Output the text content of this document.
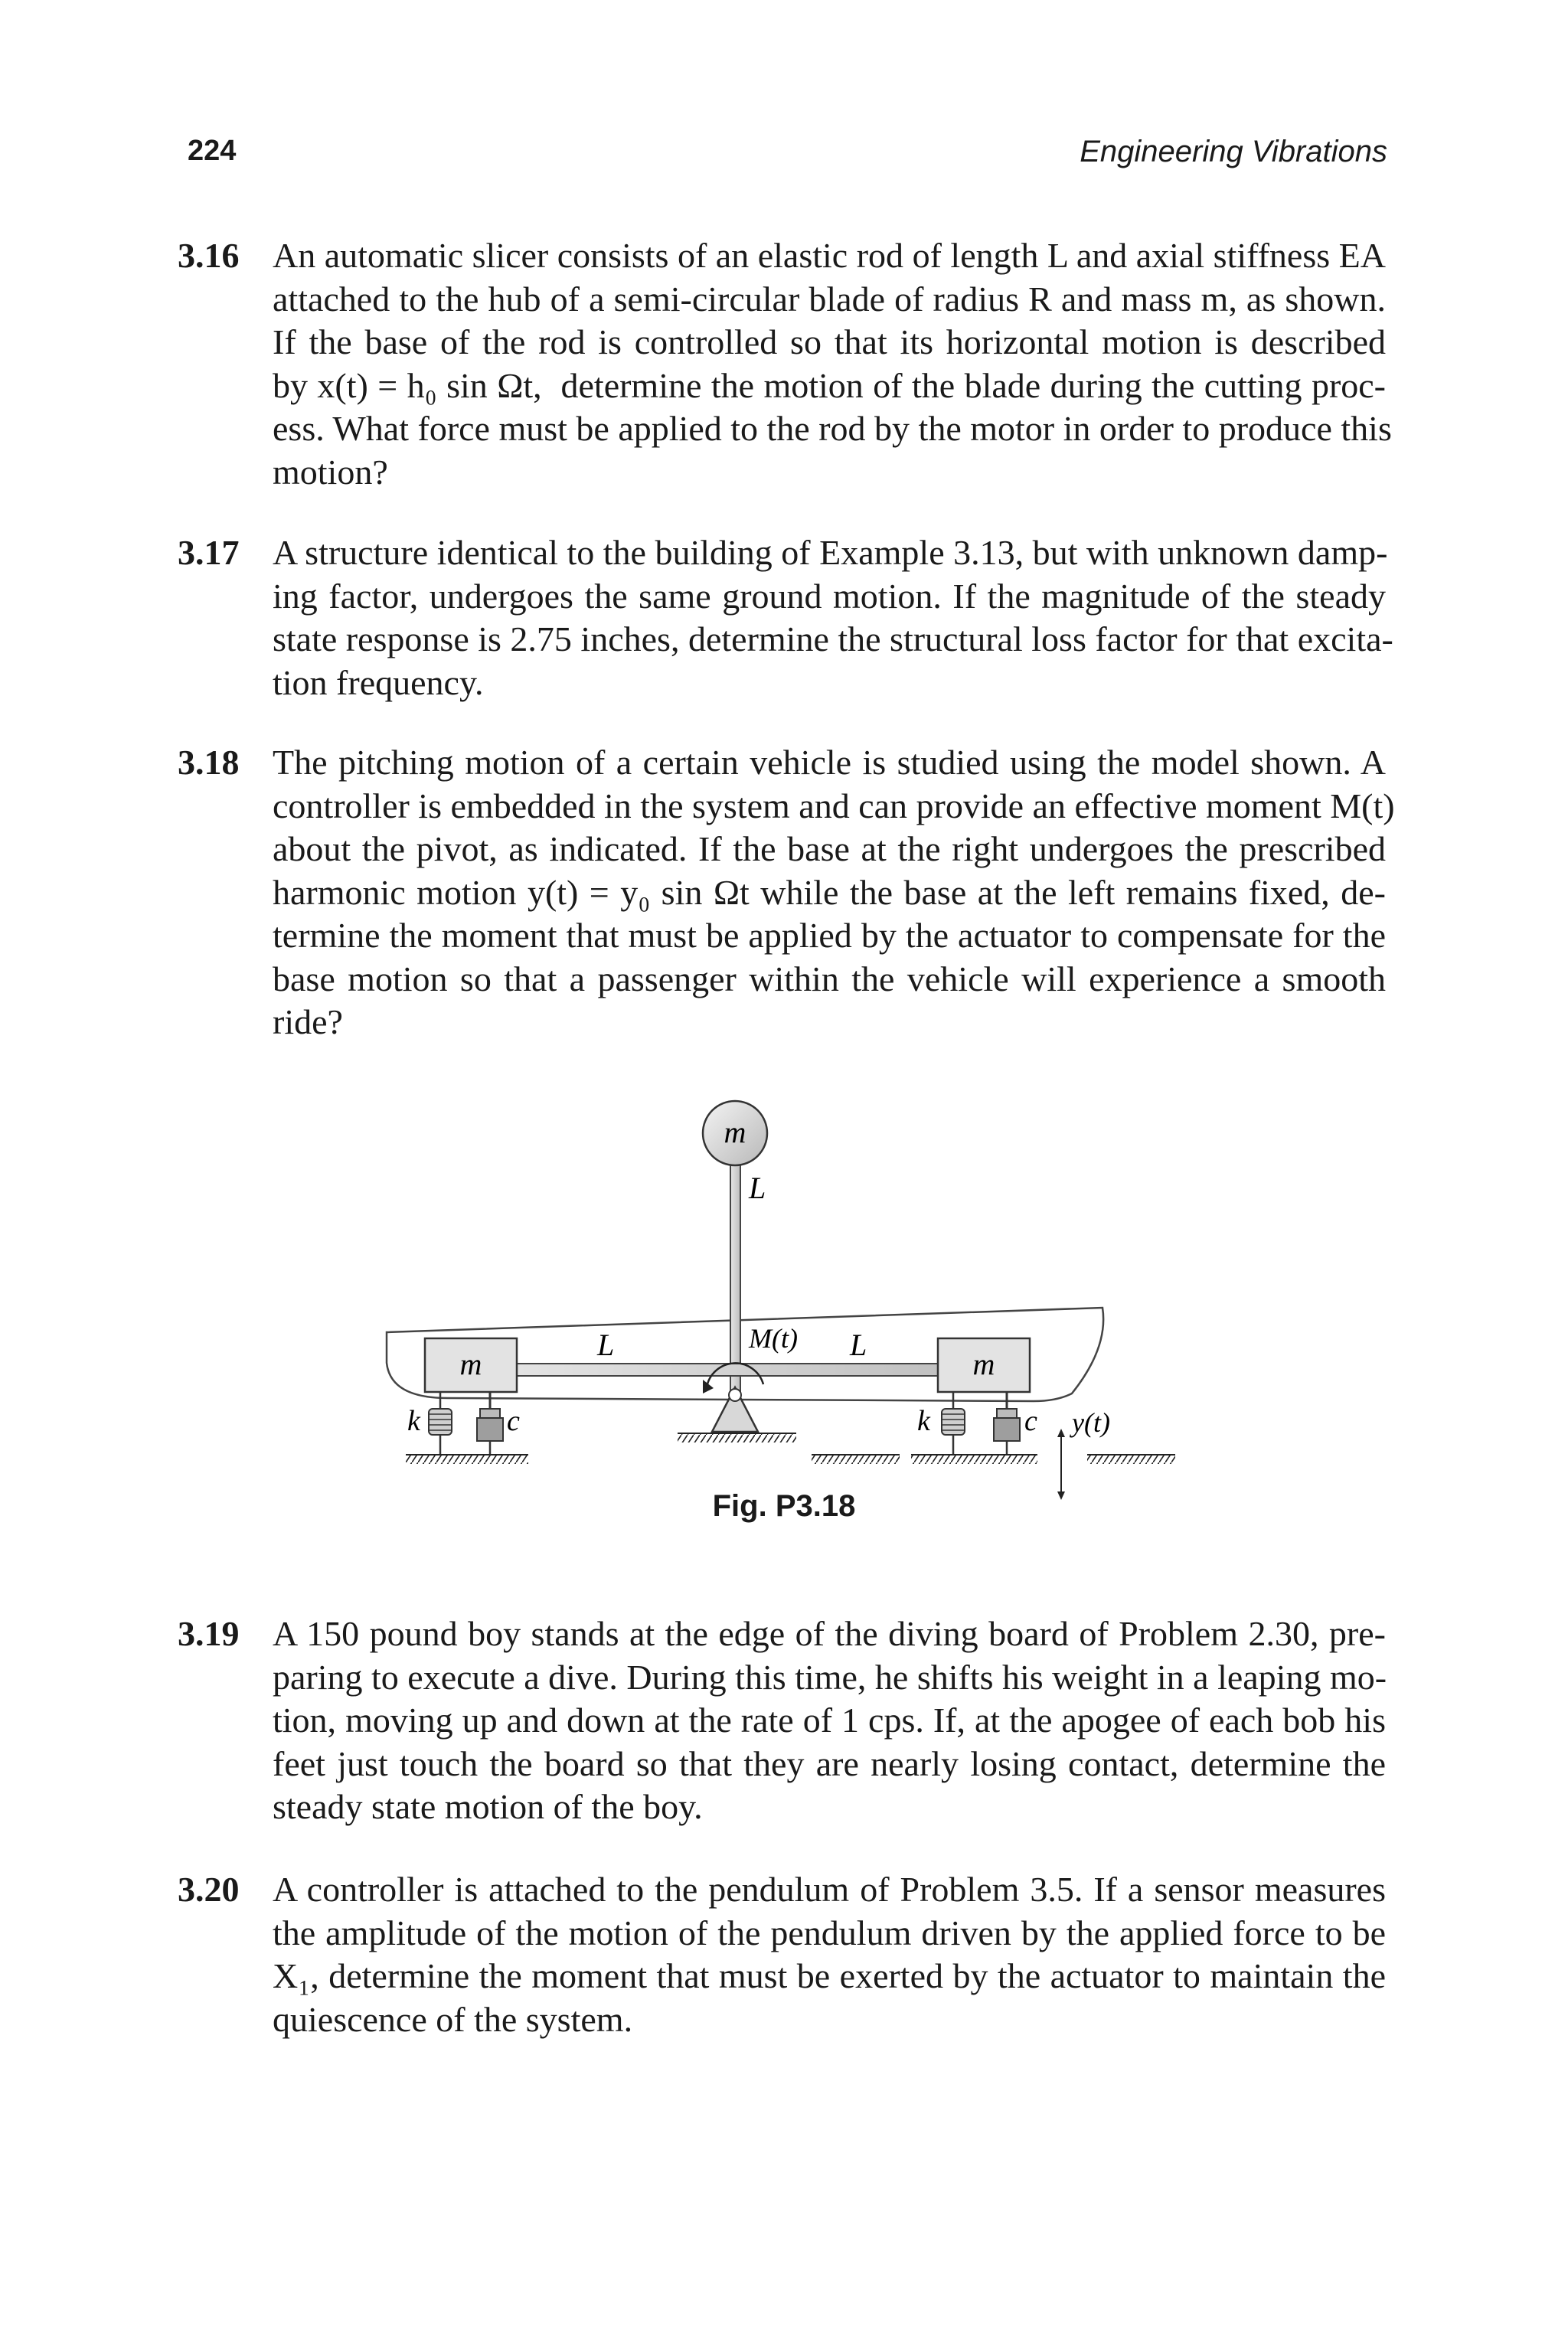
224	Engineering Vibrations
3.16 An automatic slicer consists of an elastic rod of length L and axial stiffness EA
attached to the hub of a semi-circular blade of radius R and mass m, as shown.
If the base of the rod is controlled so that its horizontal motion is described
by x(t) = h₀ sin Ωt,  determine the motion of the blade during the cutting proc-
ess. What force must be applied to the rod by the motor in order to produce this
motion?
3.17 A structure identical to the building of Example 3.13, but with unknown damp-
ing factor, undergoes the same ground motion. If the magnitude of the steady
state response is 2.75 inches, determine the structural loss factor for that excita-
tion frequency.
3.18 The pitching motion of a certain vehicle is studied using the model shown. A
controller is embedded in the system and can provide an effective moment M(t)
about the pivot, as indicated. If the base at the right undergoes the prescribed
harmonic motion y(t) = y₀ sin Ωt while the base at the left remains fixed, de-
termine the moment that must be applied by the actuator to compensate for the
base motion so that a passenger within the vehicle will experience a smooth
ride?
m
L
L	L
M(t)
m	m
k	c	k	c y(t)
Fig. P3.18
3.19 A 150 pound boy stands at the edge of the diving board of Problem 2.30, pre-
paring to execute a dive. During this time, he shifts his weight in a leaping mo-
tion, moving up and down at the rate of 1 cps. If, at the apogee of each bob his
feet just touch the board so that they are nearly losing contact, determine the
steady state motion of the boy.
3.20 A controller is attached to the pendulum of Problem 3.5. If a sensor measures
the amplitude of the motion of the pendulum driven by the applied force to be
X₁, determine the moment that must be exerted by the actuator to maintain the
quiescence of the system.
